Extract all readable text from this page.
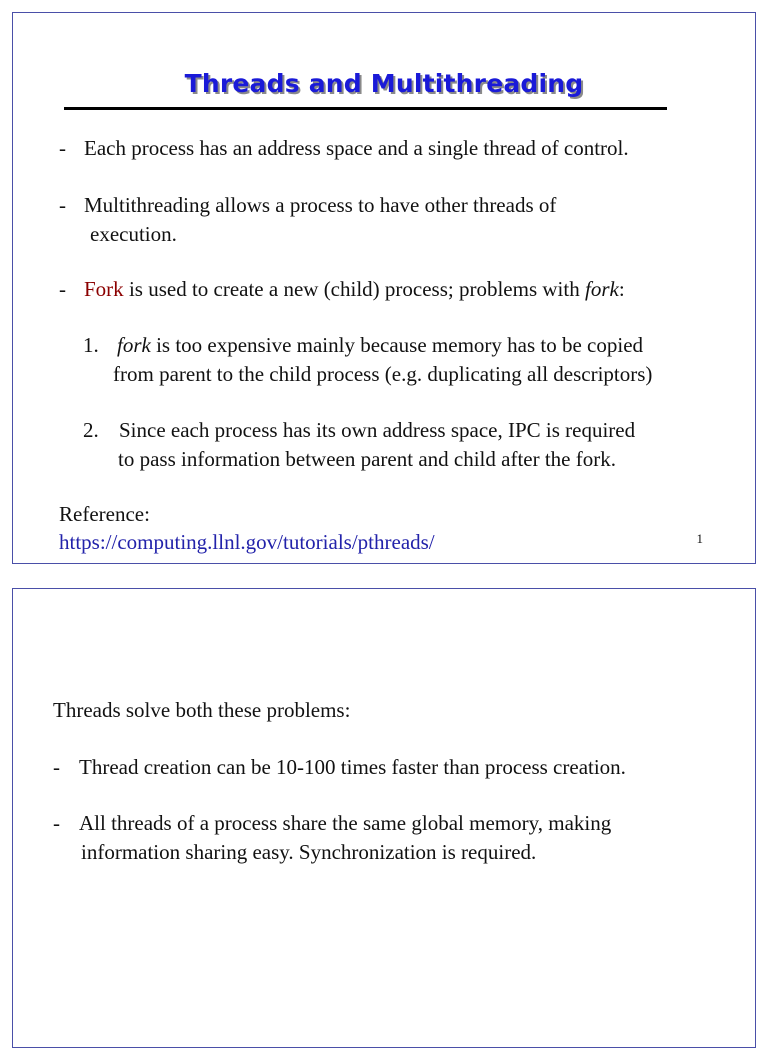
Threads and Multithreading
- Each process has an address space and a single thread of control.
- Multithreading allows a process to have other threads of
execution.
- Fork is used to create a new (child) process; problems with fork:
1. fork is too expensive mainly because memory has to be copied
from parent to the child process (e.g. duplicating all descriptors)
2. Since each process has its own address space, IPC is required
to pass information between parent and child after the fork.
Reference:
https://computing.llnl.gov/tutorials/pthreads/	1
Threads solve both these problems:
- Thread creation can be 10-100 times faster than process creation.
- All threads of a process share the same global memory, making
information sharing easy. Synchronization is required.
